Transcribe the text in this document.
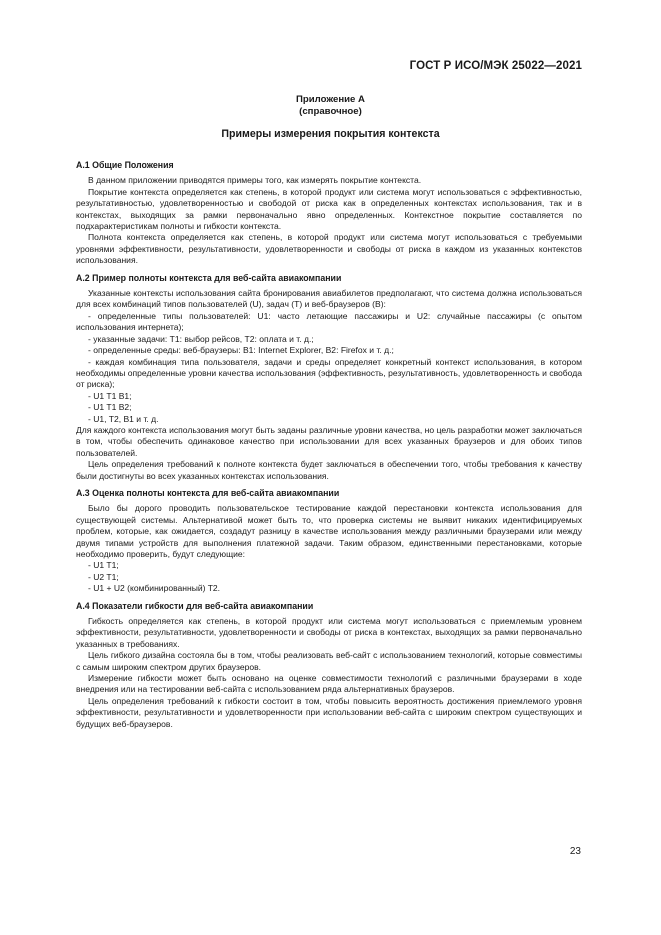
ГОСТ Р ИСО/МЭК 25022—2021
Приложение А
(справочное)
Примеры измерения покрытия контекста
А.1 Общие Положения

В данном приложении приводятся примеры того, как измерять покрытие контекста.

Покрытие контекста определяется как степень, в которой продукт или система могут использоваться с эффективностью, результативностью, удовлетворенностью и свободой от риска как в определенных контекстах использования, так и в контекстах, выходящих за рамки первоначально явно определенных. Контекстное покрытие составляется по подхарактеристикам полноты и гибкости контекста.

Полнота контекста определяется как степень, в которой продукт или система могут использоваться с требуемыми уровнями эффективности, результативности, удовлетворенности и свободы от риска в каждом из указанных контекстов использования.

А.2 Пример полноты контекста для веб-сайта авиакомпании

Указанные контексты использования сайта бронирования авиабилетов предполагают, что система должна использоваться для всех комбинаций типов пользователей (U), задач (T) и веб-браузеров (B):

- определенные типы пользователей: U1: часто летающие пассажиры и U2: случайные пассажиры (с опытом использования интернета);

- указанные задачи: T1: выбор рейсов, T2: оплата и т. д.;

- определенные среды: веб-браузеры: B1: Internet Explorer, B2: Firefox и т. д.;

- каждая комбинация типа пользователя, задачи и среды определяет конкретный контекст использования, в котором необходимы определенные уровни качества использования (эффективность, результативность, удовлетворенность и свобода от риска);

- U1 T1 B1;

- U1 T1 B2;

- U1, T2, B1 и т. д.

Для каждого контекста использования могут быть заданы различные уровни качества, но цель разработки может заключаться в том, чтобы обеспечить одинаковое качество при использовании для всех указанных браузеров и для обоих типов пользователей.

Цель определения требований к полноте контекста будет заключаться в обеспечении того, чтобы требования к качеству были достигнуты во всех указанных контекстах использования.

А.3 Оценка полноты контекста для веб-сайта авиакомпании

Было бы дорого проводить пользовательское тестирование каждой перестановки контекста использования для существующей системы. Альтернативой может быть то, что проверка системы не выявит никаких идентифицируемых проблем, которые, как ожидается, создадут разницу в качестве использования между различными браузерами или между двумя типами устройств для выполнения платежной задачи. Таким образом, единственными перестановками, которые необходимо проверить, будут следующие:

- U1 T1;

- U2 T1;

- U1 + U2 (комбинированный) T2.

А.4 Показатели гибкости для веб-сайта авиакомпании

Гибкость определяется как степень, в которой продукт или система могут использоваться с приемлемым уровнем эффективности, результативности, удовлетворенности и свободы от риска в контекстах, выходящих за рамки первоначально указанных в требованиях.

Цель гибкого дизайна состояла бы в том, чтобы реализовать веб-сайт с использованием технологий, которые совместимы с самым широким спектром других браузеров.

Измерение гибкости может быть основано на оценке совместимости технологий с различными браузерами в ходе внедрения или на тестировании веб-сайта с использованием ряда альтернативных браузеров.

Цель определения требований к гибкости состоит в том, чтобы повысить вероятность достижения приемлемого уровня эффективности, результативности и удовлетворенности при использовании веб-сайта с широким спектром существующих и будущих веб-браузеров.

23
